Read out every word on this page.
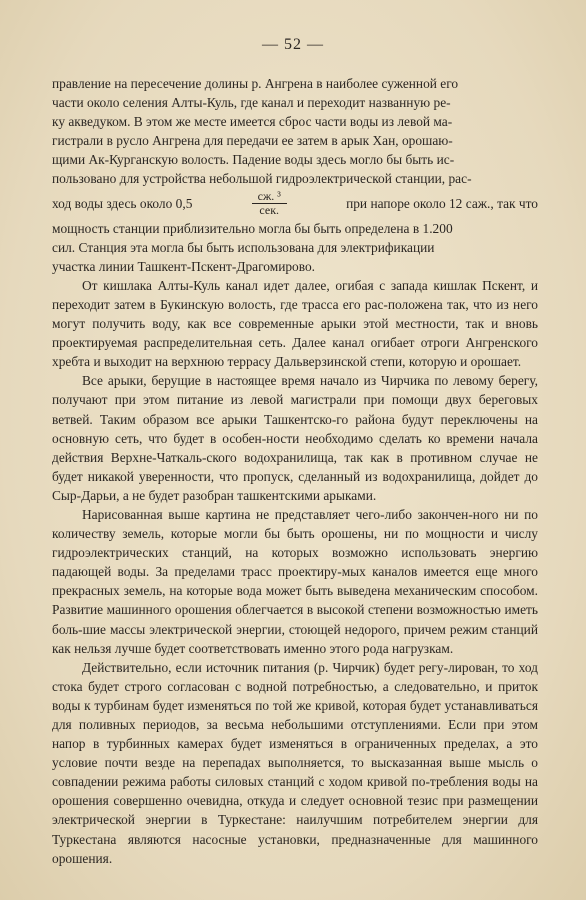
— 52 —

правление на пересечение долины р. Ангрена в наиболее суженной его

части около селения Алты-Куль, где канал и переходит названную ре-

ку акведуком. В этом же месте имеется сброс части воды из левой ма-

гистрали в русло Ангрена для передачи ее затем в арык Хан, орошаю-

щими Ак-Курганскую волость. Падение воды здесь могло бы быть ис-

пользовано для устройства небольшой гидроэлектрической станции, рас-

ход воды здесь около 0,5	$\frac{\text{сж. ³}}{\text{сек.}}$	при напоре около 12 саж., так что

мощность станции приблизительно могла бы быть определена в 1.200

сил. Станция эта могла бы быть использована для электрификации

участка линии Ташкент-Пскент-Драгомирово.

От кишлака Алты-Куль канал идет далее, огибая с запада кишлак Пскент, и переходит затем в Букинскую волость, где трасса его рас-положена так, что из него могут получить воду, как все современные арыки этой местности, так и вновь проектируемая распределительная сеть. Далее канал огибает отроги Ангренского хребта и выходит на верхнюю террасу Дальверзинской степи, которую и орошает.

Все арыки, берущие в настоящее время начало из Чирчика по левому берегу, получают при этом питание из левой магистрали при помощи двух береговых ветвей. Таким образом все арыки Ташкентско-го района будут переключены на основную сеть, что будет в особен-ности необходимо сделать ко времени начала действия Верхне-Чаткаль-ского водохранилища, так как в противном случае не будет никакой уверенности, что пропуск, сделанный из водохранилища, дойдет до Сыр-Дарьи, а не будет разобран ташкентскими арыками.

Нарисованная выше картина не представляет чего-либо закончен-ного ни по количеству земель, которые могли бы быть орошены, ни по мощности и числу гидроэлектрических станций, на которых возможно использовать энергию падающей воды. За пределами трасс проектиру-мых каналов имеется еще много прекрасных земель, на которые вода может быть выведена механическим способом. Развитие машинного орошения облегчается в высокой степени возможностью иметь боль-шие массы электрической энергии, стоющей недорого, причем режим станций как нельзя лучше будет соответствовать именно этого рода нагрузкам.

Действительно, если источник питания (р. Чирчик) будет регу-лирован, то ход стока будет строго согласован с водной потребностью, а следовательно, и приток воды к турбинам будет изменяться по той же кривой, которая будет устанавливаться для поливных периодов, за весьма небольшими отступлениями. Если при этом напор в турбинных камерах будет изменяться в ограниченных пределах, а это условие почти везде на перепадах выполняется, то высказанная выше мысль о совпадении режима работы силовых станций с ходом кривой по-требления воды на орошения совершенно очевидна, откуда и следует основной тезис при размещении электрической энергии в Туркестане: наилучшим потребителем энергии для Туркестана являются насосные установки, предназначенные для машинного орошения.
